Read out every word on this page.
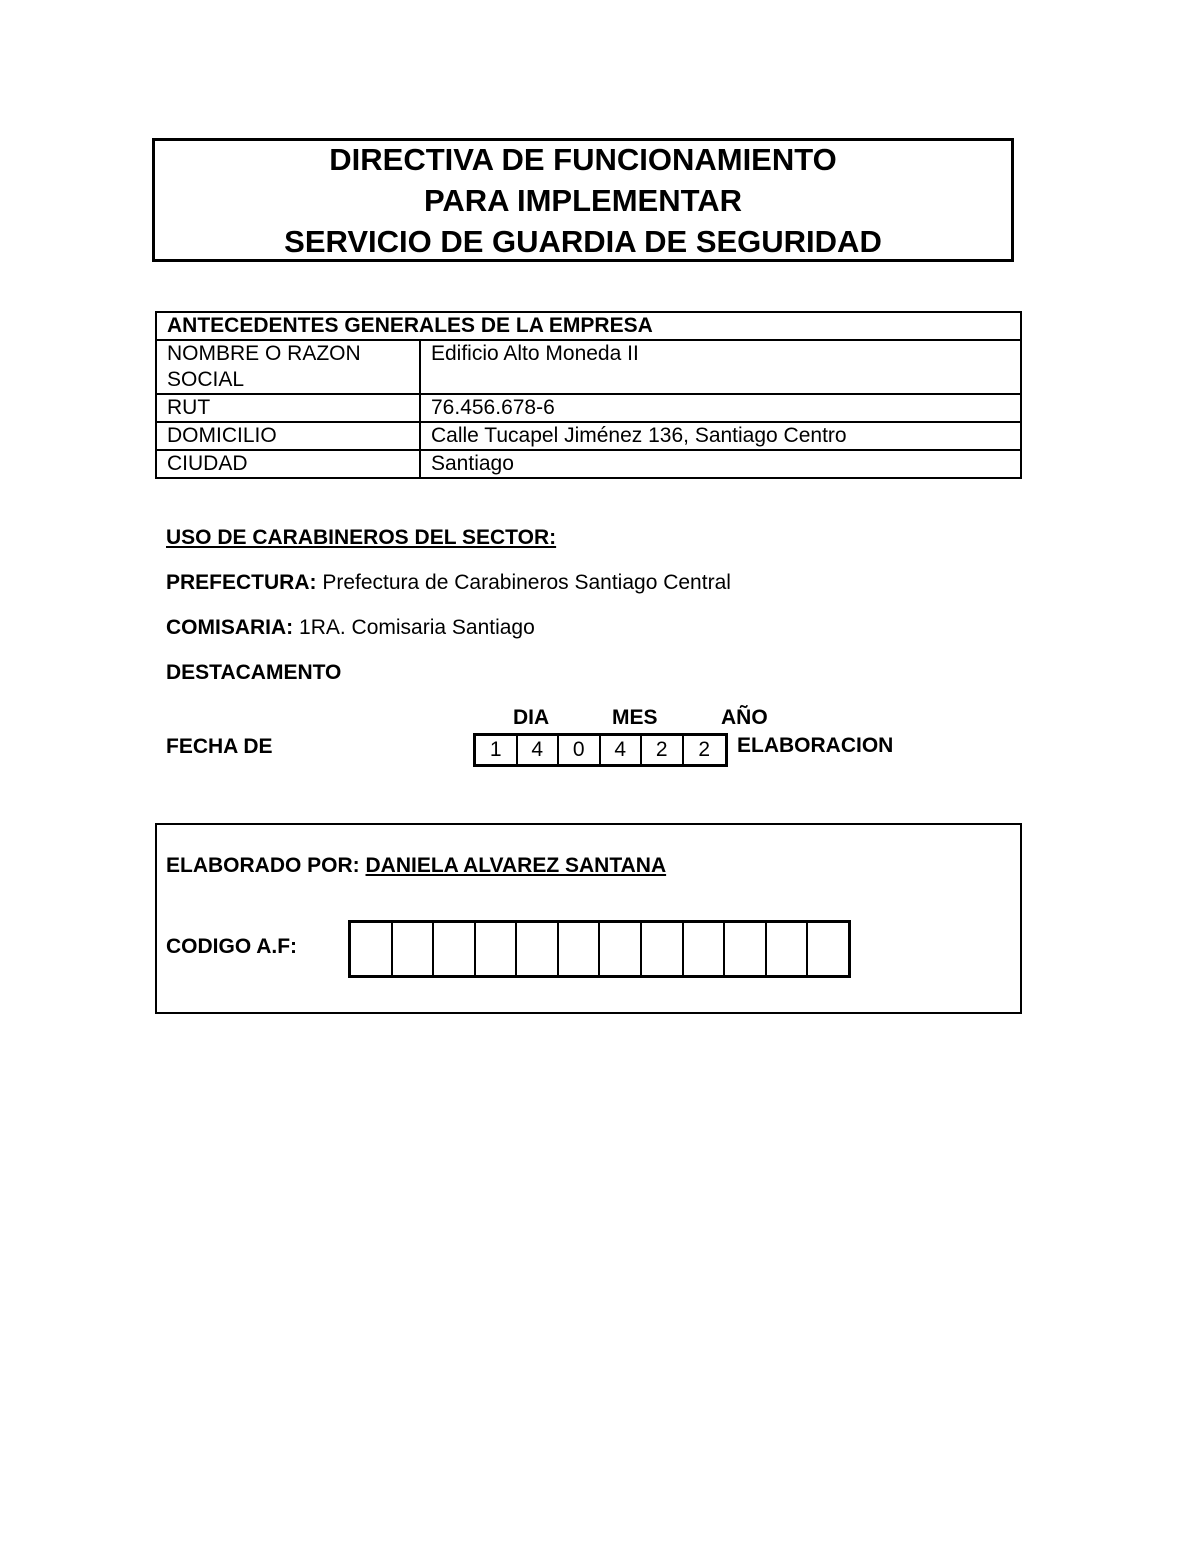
DIRECTIVA DE FUNCIONAMIENTO
PARA IMPLEMENTAR
SERVICIO DE GUARDIA DE SEGURIDAD
ANTECEDENTES GENERALES DE LA EMPRESA	
NOMBRE O RAZON SOCIAL	Edificio Alto Moneda II
RUT	76.456.678-6
DOMICILIO	Calle Tucapel Jiménez 136, Santiago Centro
CIUDAD	Santiago
USO DE CARABINEROS DEL SECTOR:
PREFECTURA: Prefectura de Carabineros Santiago Central
COMISARIA: 1RA. Comisaria Santiago
DESTACAMENTO
DIA	MES	AÑO
FECHA DE	1	4	0	4	2	2	ELABORACION
ELABORADO POR: DANIELA ALVAREZ SANTANA
CODIGO A.F:
